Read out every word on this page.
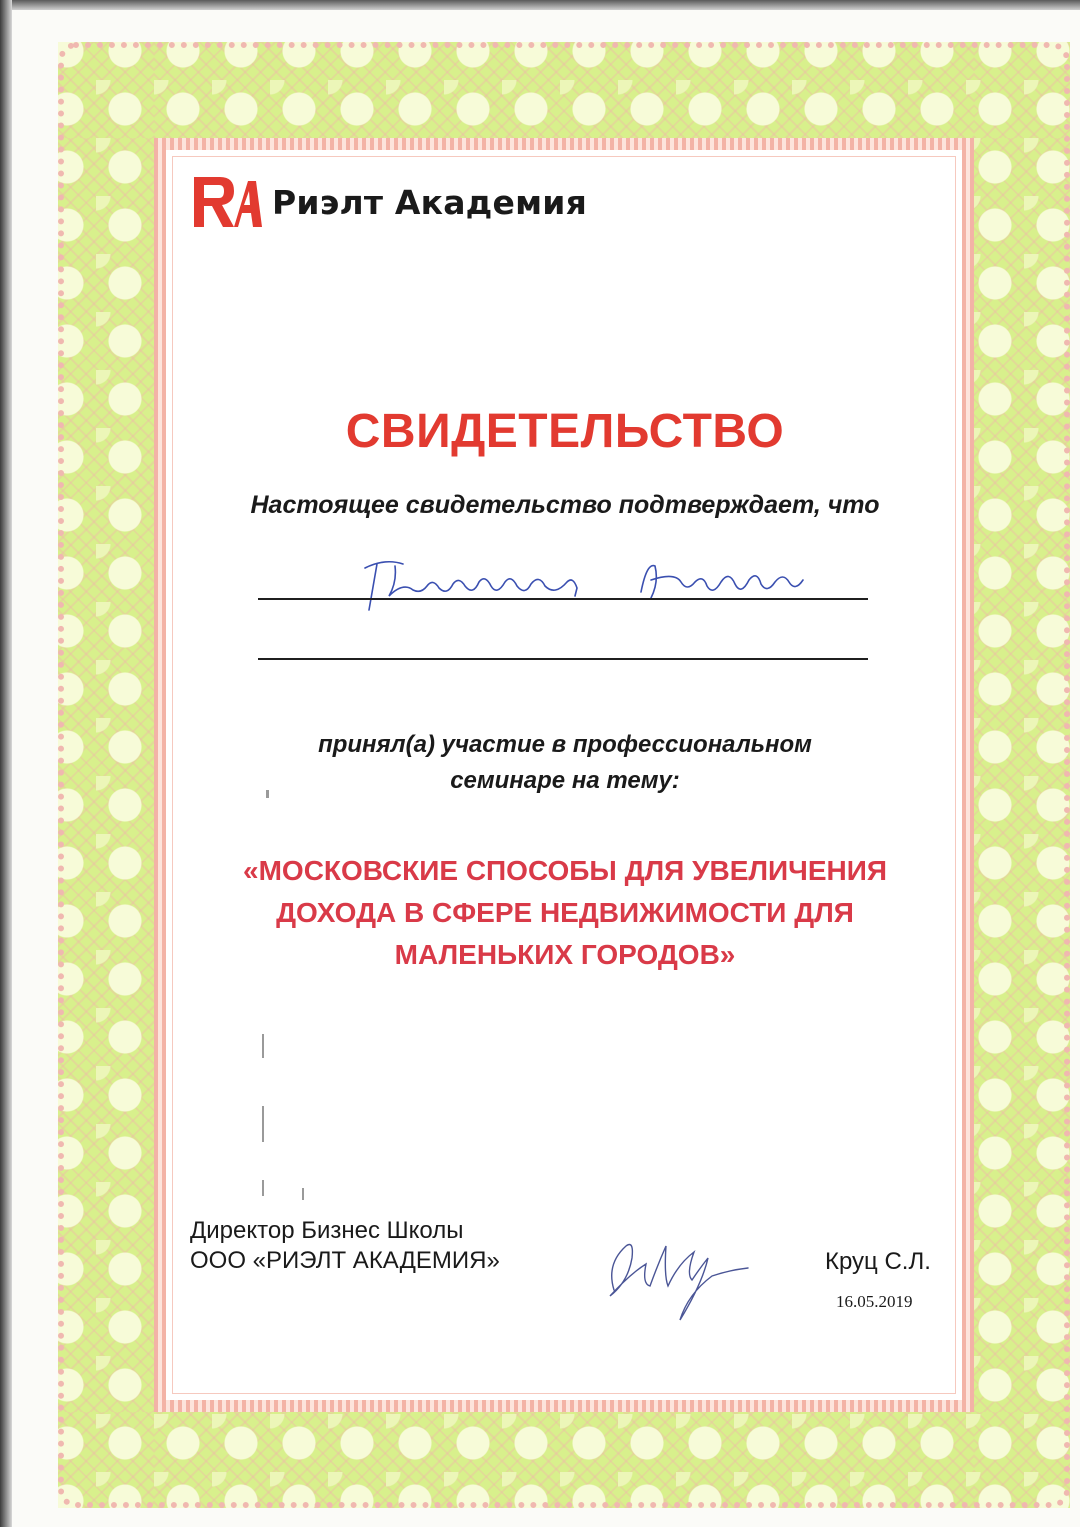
Риэлт Академия
СВИДЕТЕЛЬСТВО
Настоящее свидетельство подтверждает, что
принял(а) участие в профессиональном
семинаре на тему:
«МОСКОВСКИЕ СПОСОБЫ ДЛЯ УВЕЛИЧЕНИЯ
ДОХОДА В СФЕРЕ НЕДВИЖИМОСТИ ДЛЯ
МАЛЕНЬКИХ ГОРОДОВ»
Директор Бизнес Школы
ООО «РИЭЛТ АКАДЕМИЯ»	Круц С.Л.
16.05.2019
